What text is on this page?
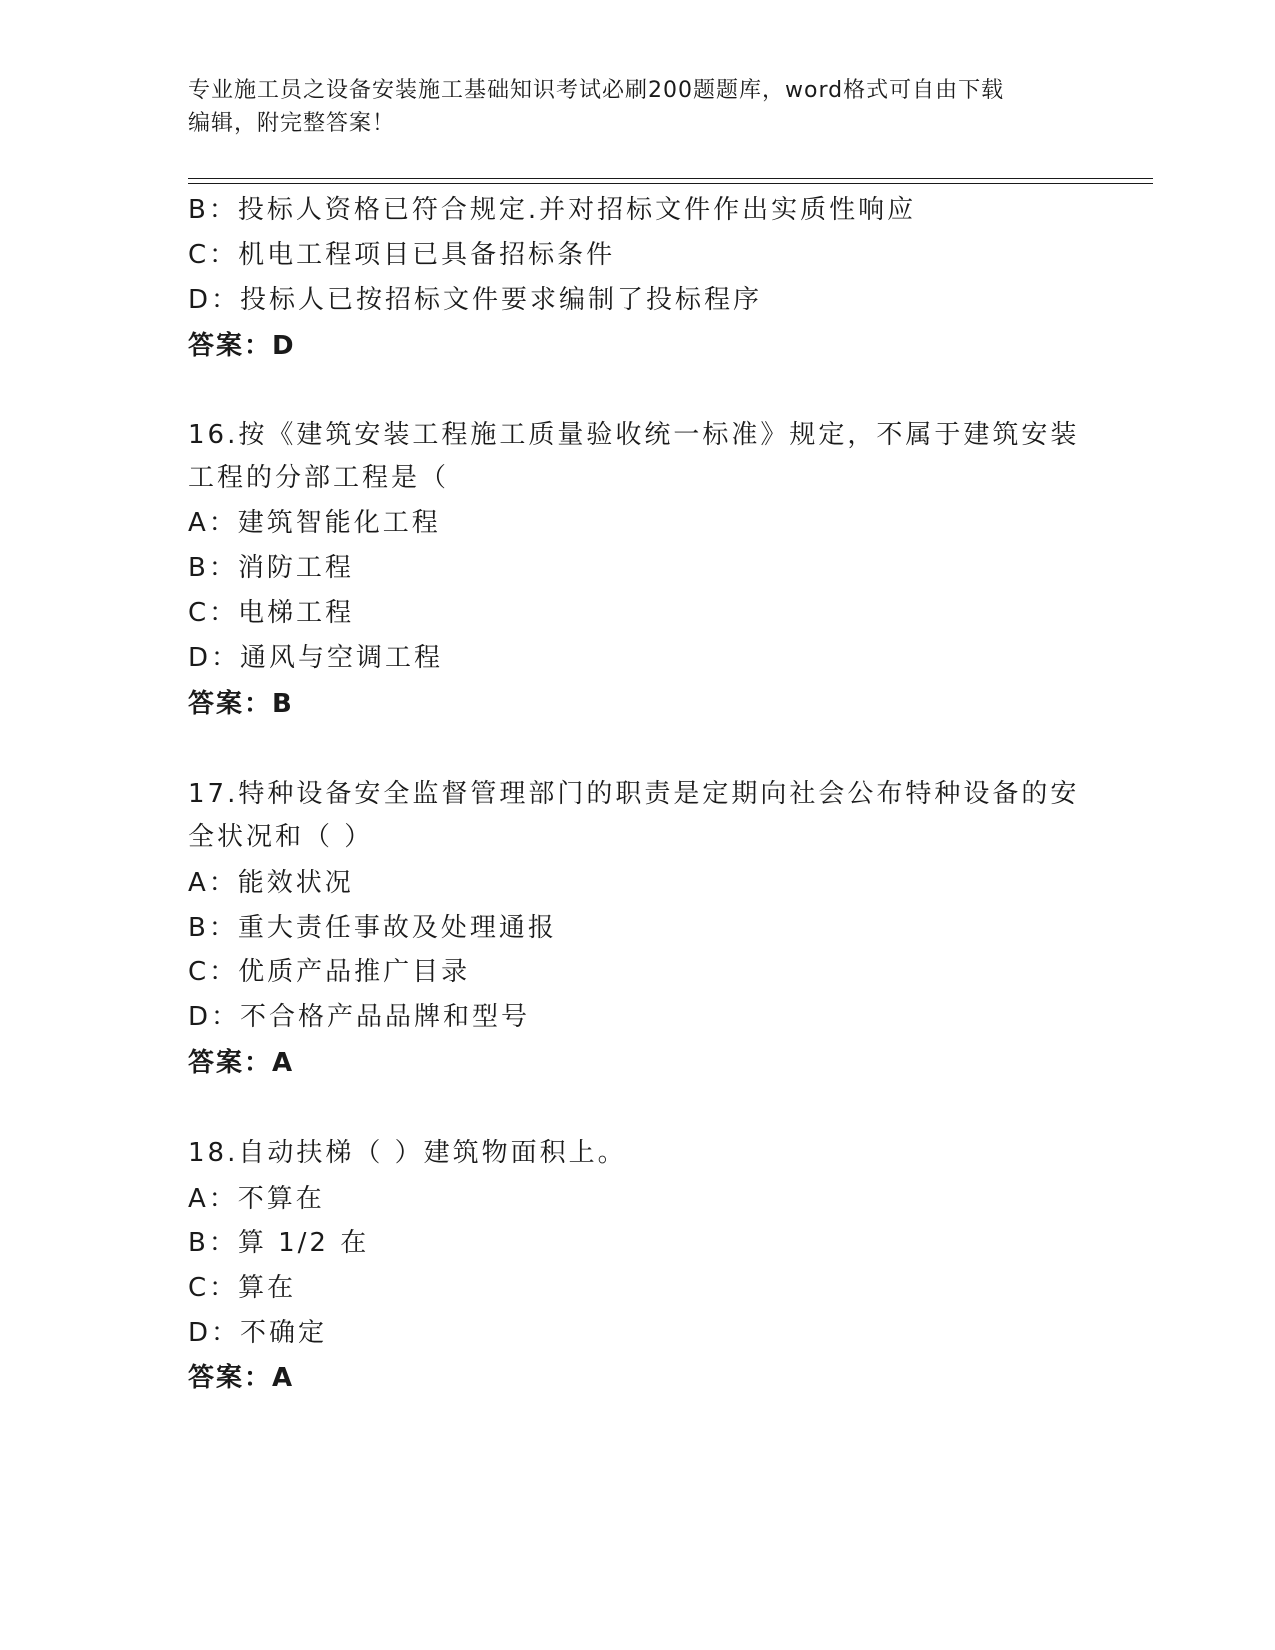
专业施工员之设备安装施工基础知识考试必刷200题题库，word格式可自由下载
编辑，附完整答案！
B：投标人资格已符合规定.并对招标文件作出实质性响应
C：机电工程项目已具备招标条件
D：投标人已按招标文件要求编制了投标程序
答案：D
16.按《建筑安装工程施工质量验收统一标准》规定，不属于建筑安装
工程的分部工程是（
A：建筑智能化工程
B：消防工程
C：电梯工程
D：通风与空调工程
答案：B
17.特种设备安全监督管理部门的职责是定期向社会公布特种设备的安
全状况和（ ）
A：能效状况
B：重大责任事故及处理通报
C：优质产品推广目录
D：不合格产品品牌和型号
答案：A
18.自动扶梯（ ）建筑物面积上。
A：不算在
B：算 1/2 在
C：算在
D：不确定
答案：A
